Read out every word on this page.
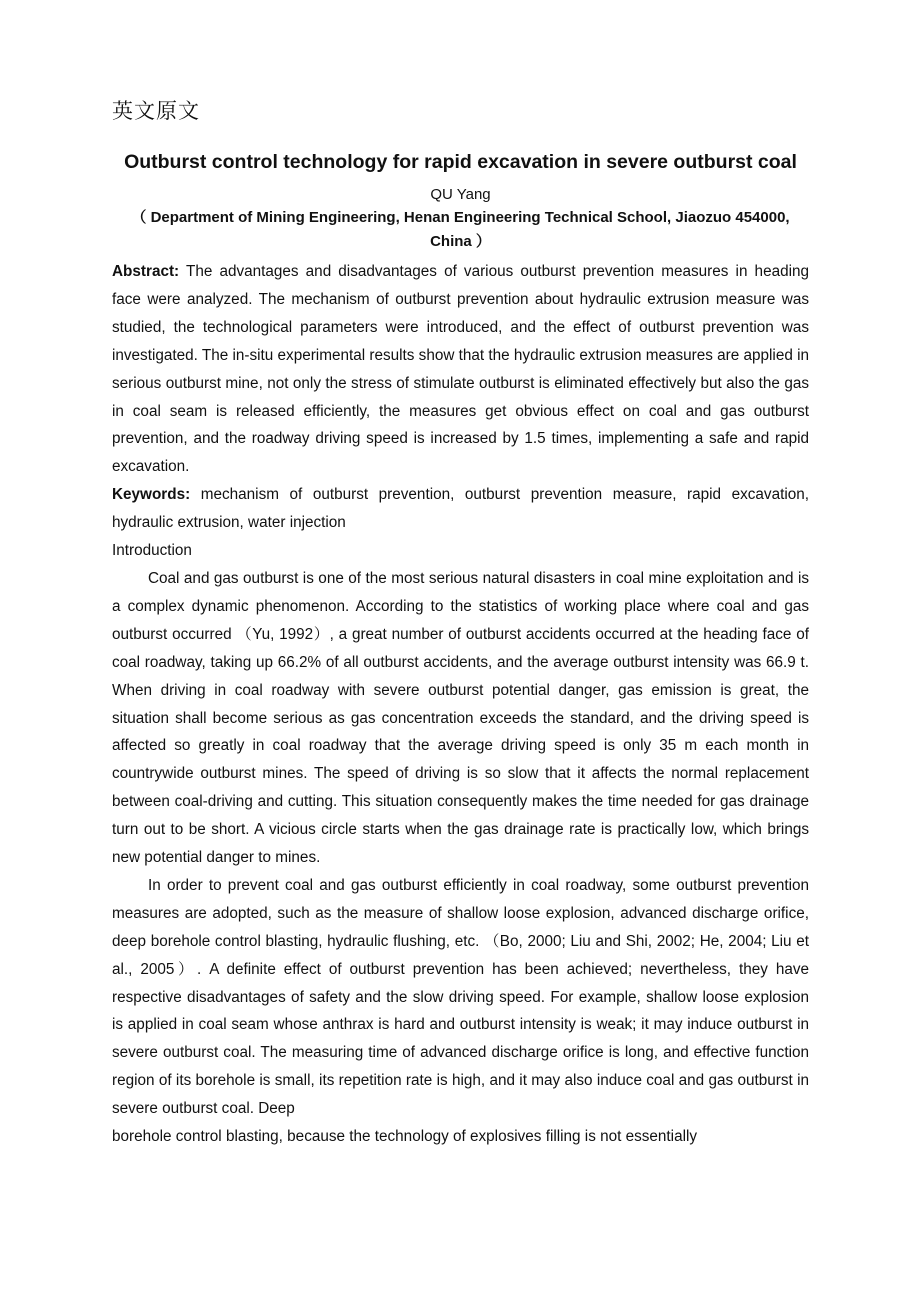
英文原文
Outburst control technology for rapid excavation in severe outburst coal
QU Yang
（ Department of Mining Engineering, Henan Engineering Technical School, Jiaozuo 454000, China ）

Abstract: The advantages and disadvantages of various outburst prevention measures in heading face were analyzed. The mechanism of outburst prevention about hydraulic extrusion measure was studied, the technological parameters were introduced, and the effect of outburst prevention was investigated. The in-situ experimental results show that the hydraulic extrusion measures are applied in serious outburst mine, not only the stress of stimulate outburst is eliminated effectively but also the gas in coal seam is released efficiently, the measures get obvious effect on coal and gas outburst prevention, and the roadway driving speed is increased by 1.5 times, implementing a safe and rapid excavation.

Keywords: mechanism of outburst prevention, outburst prevention measure, rapid excavation, hydraulic extrusion, water injection

Introduction

Coal and gas outburst is one of the most serious natural disasters in coal mine exploitation and is a complex dynamic phenomenon. According to the statistics of working place where coal and gas outburst occurred （Yu, 1992）, a great number of outburst accidents occurred at the heading face of coal roadway, taking up 66.2% of all outburst accidents, and the average outburst intensity was 66.9 t. When driving in coal roadway with severe outburst potential danger, gas emission is great, the situation shall become serious as gas concentration exceeds the standard, and the driving speed is affected so greatly in coal roadway that the average driving speed is only 35 m each month in countrywide outburst mines. The speed of driving is so slow that it affects the normal replacement between coal-driving and cutting. This situation consequently makes the time needed for gas drainage turn out to be short. A vicious circle starts when the gas drainage rate is practically low, which brings new potential danger to mines.

In order to prevent coal and gas outburst efficiently in coal roadway, some outburst prevention measures are adopted, such as the measure of shallow loose explosion, advanced discharge orifice, deep borehole control blasting, hydraulic flushing, etc. （Bo, 2000; Liu and Shi, 2002; He, 2004; Liu et al., 2005）. A definite effect of outburst prevention has been achieved; nevertheless, they have respective disadvantages of safety and the slow driving speed. For example, shallow loose explosion is applied in coal seam whose anthrax is hard and outburst intensity is weak; it may induce outburst in severe outburst coal. The measuring time of advanced discharge orifice is long, and effective function region of its borehole is small, its repetition rate is high, and it may also induce coal and gas outburst in severe outburst coal. Deep

borehole control blasting, because the technology of explosives filling is not essentially
